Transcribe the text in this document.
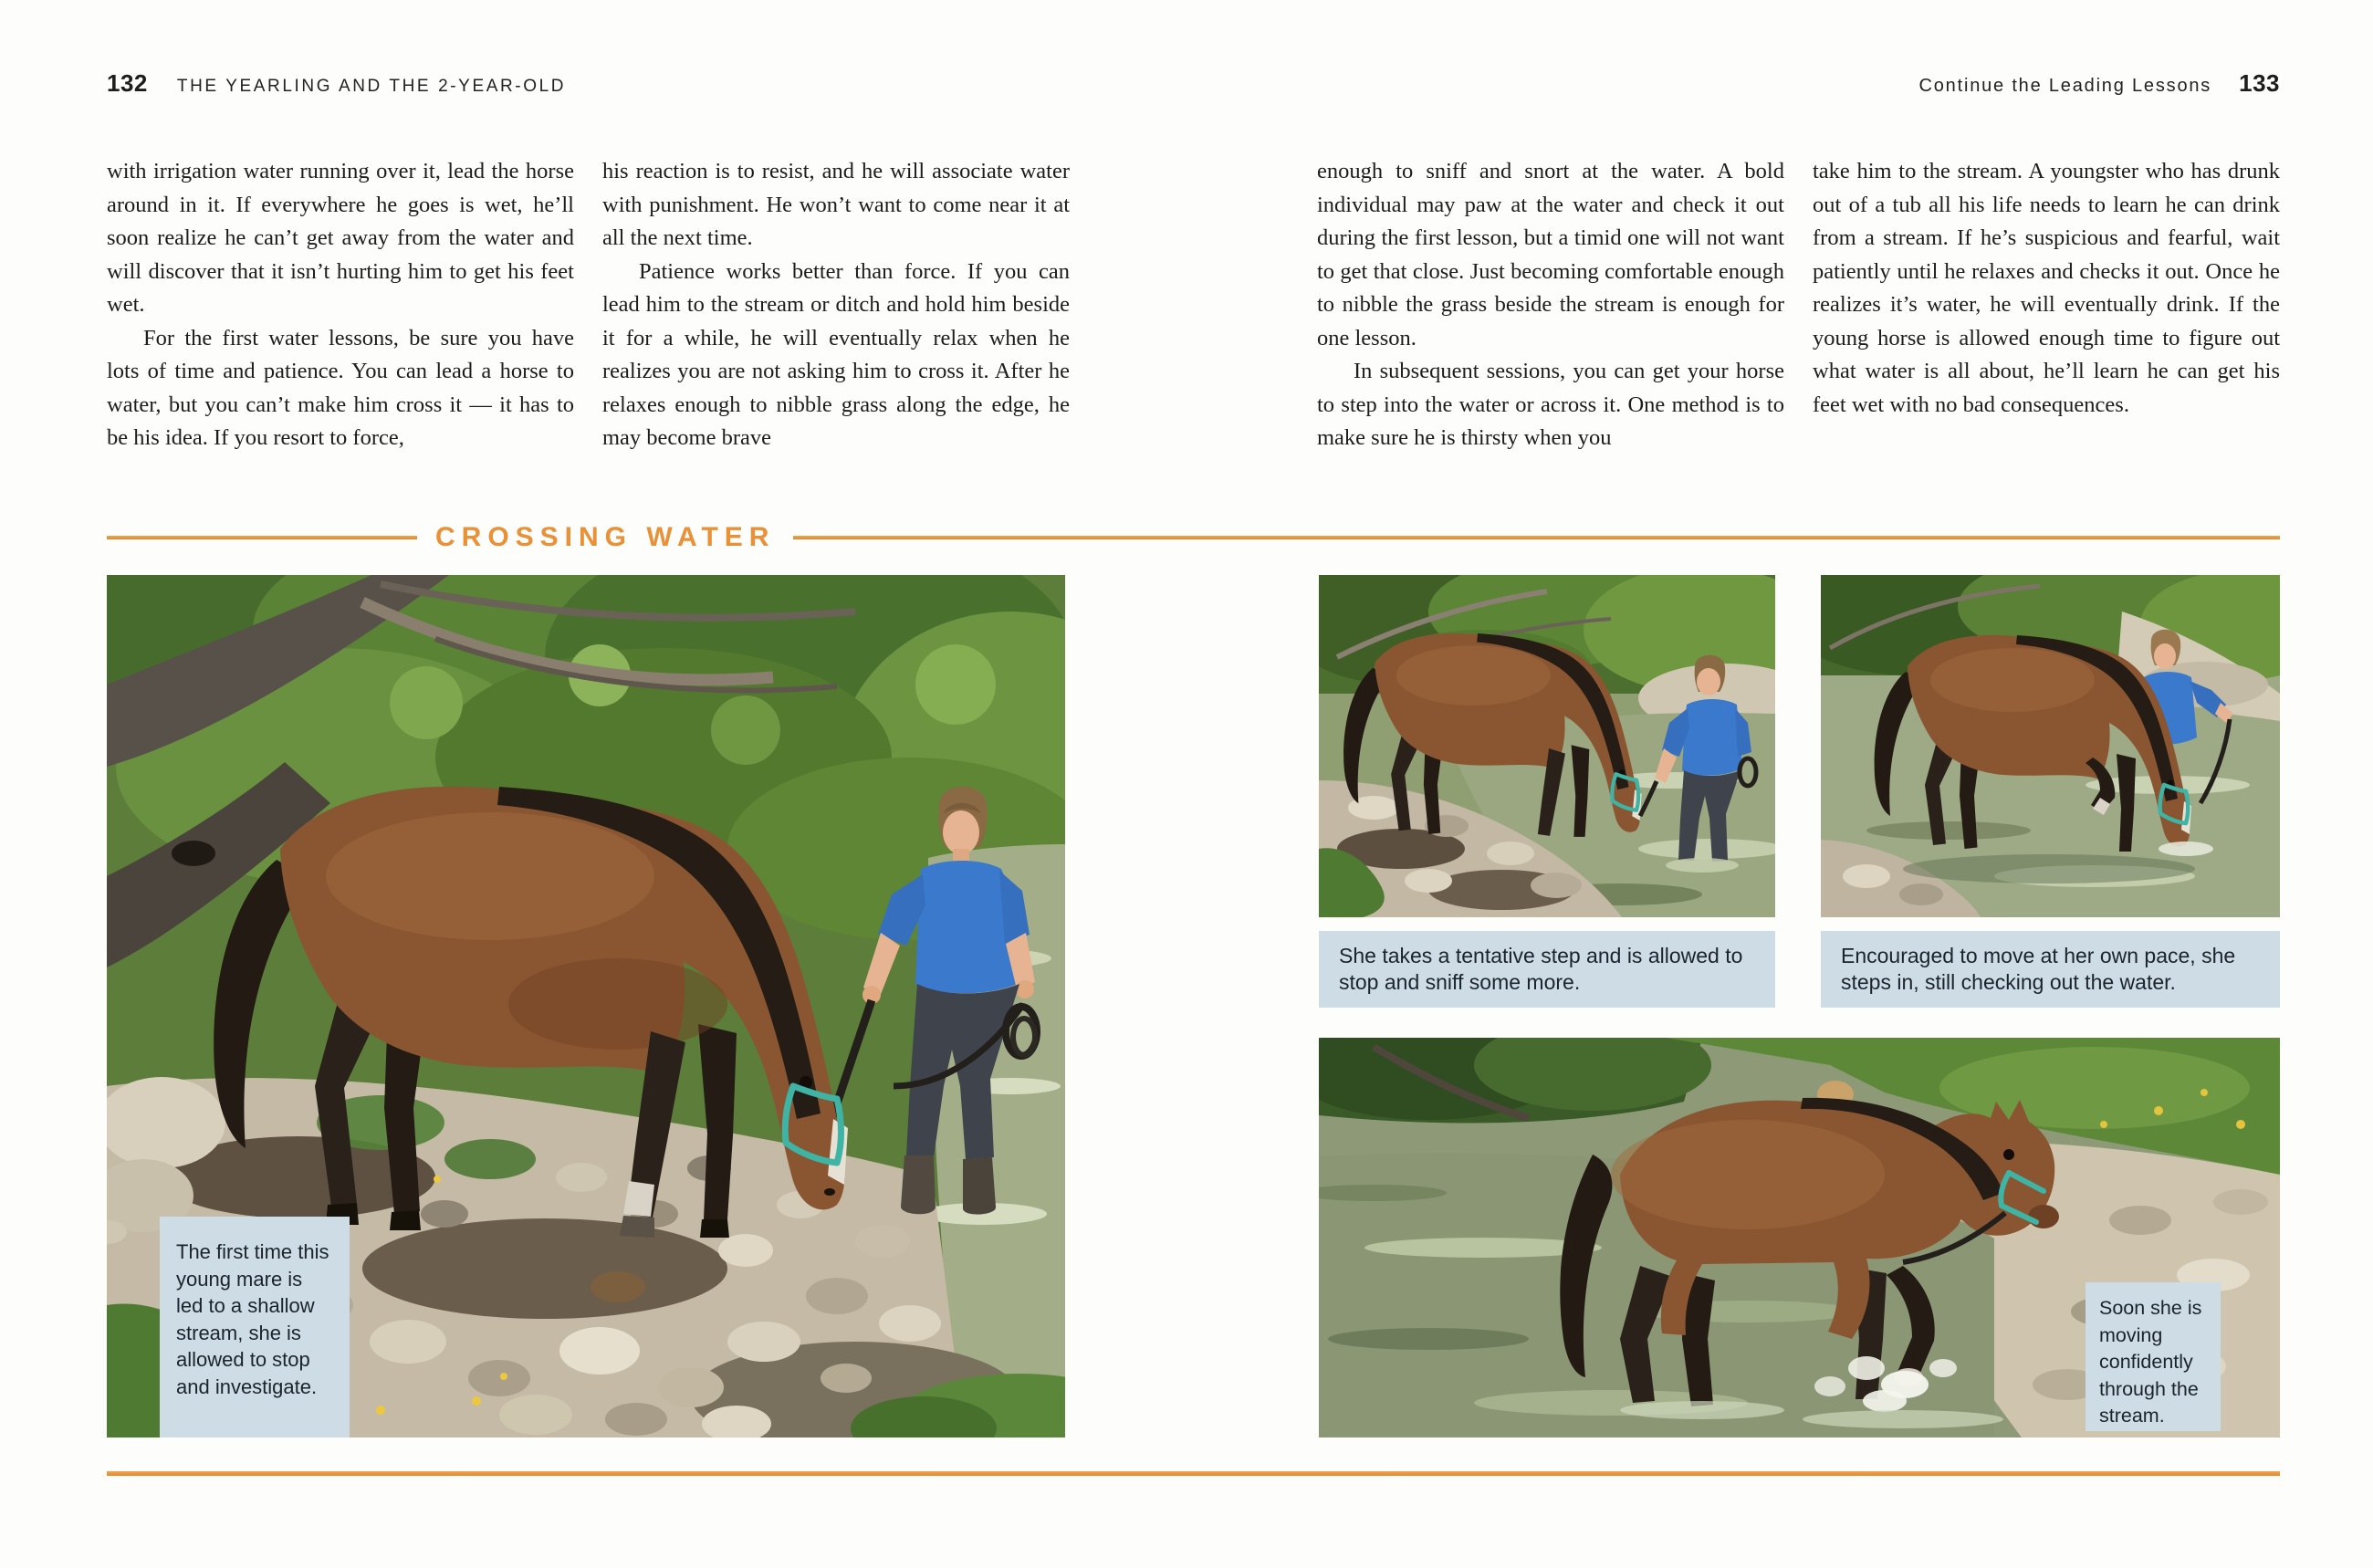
132 THE YEARLING AND THE 2-YEAR-OLD	Continue the Leading Lessons 133

with irrigation water running over it, lead the horse around in it. If everywhere he goes is wet, he’ll soon realize he can’t get away from the water and will discover that it isn’t hurting him to get his feet wet.

For the first water lessons, be sure you have lots of time and patience. You can lead a horse to water, but you can’t make him cross it — it has to be his idea. If you resort to force,

his reaction is to resist, and he will associate water with punishment. He won’t want to come near it at all the next time.

Patience works better than force. If you can lead him to the stream or ditch and hold him beside it for a while, he will eventually relax when he realizes you are not asking him to cross it. After he relaxes enough to nibble grass along the edge, he may become brave

enough to sniff and snort at the water. A bold individual may paw at the water and check it out during the first lesson, but a timid one will not want to get that close. Just becoming comfortable enough to nibble the grass beside the stream is enough for one lesson.

In subsequent sessions, you can get your horse to step into the water or across it. One method is to make sure he is thirsty when you

take him to the stream. A youngster who has drunk out of a tub all his life needs to learn he can drink from a stream. If he’s suspicious and fearful, wait patiently until he relaxes and checks it out. Once he realizes it’s water, he will eventually drink. If the young horse is allowed enough time to figure out what water is all about, he’ll learn he can get his feet wet with no bad consequences.

CROSSING WATER
The first time this young mare is led to a shallow stream, she is allowed to stop and investigate.
She takes a tentative step and is allowed to stop and sniff some more.
Encouraged to move at her own pace, she steps in, still checking out the water.
Soon she is moving confidently through the stream.
